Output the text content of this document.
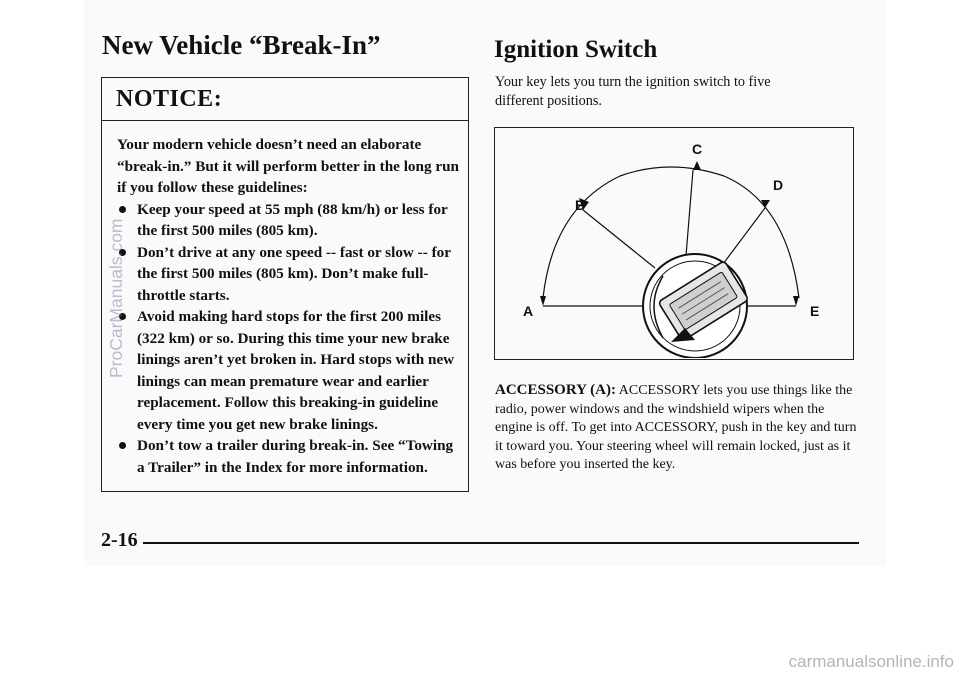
New Vehicle “Break-In”
NOTICE:

Your modern vehicle doesn’t need an elaborate “break-in.” But it will perform better in the long run if you follow these guidelines:

Keep your speed at 55 mph (88 km/h) or less for the first 500 miles (805 km).
Don’t drive at any one speed -- fast or slow -- for the first 500 miles (805 km). Don’t make full-throttle starts.
Avoid making hard stops for the first 200 miles (322 km) or so. During this time your new brake linings aren’t yet broken in. Hard stops with new linings can mean premature wear and earlier replacement. Follow this breaking-in guideline every time you get new brake linings.
Don’t tow a trailer during break-in. See “Towing a Trailer” in the Index for more information.
Ignition Switch

Your key lets you turn the ignition switch to five different positions.

A
B
C
D
E

ACCESSORY (A): ACCESSORY lets you use things like the radio, power windows and the windshield wipers when the engine is off. To get into ACCESSORY, push in the key and turn it toward you. Your steering wheel will remain locked, just as it was before you inserted the key.

2-16

ProCarManuals.com
carmanualsonline.info
